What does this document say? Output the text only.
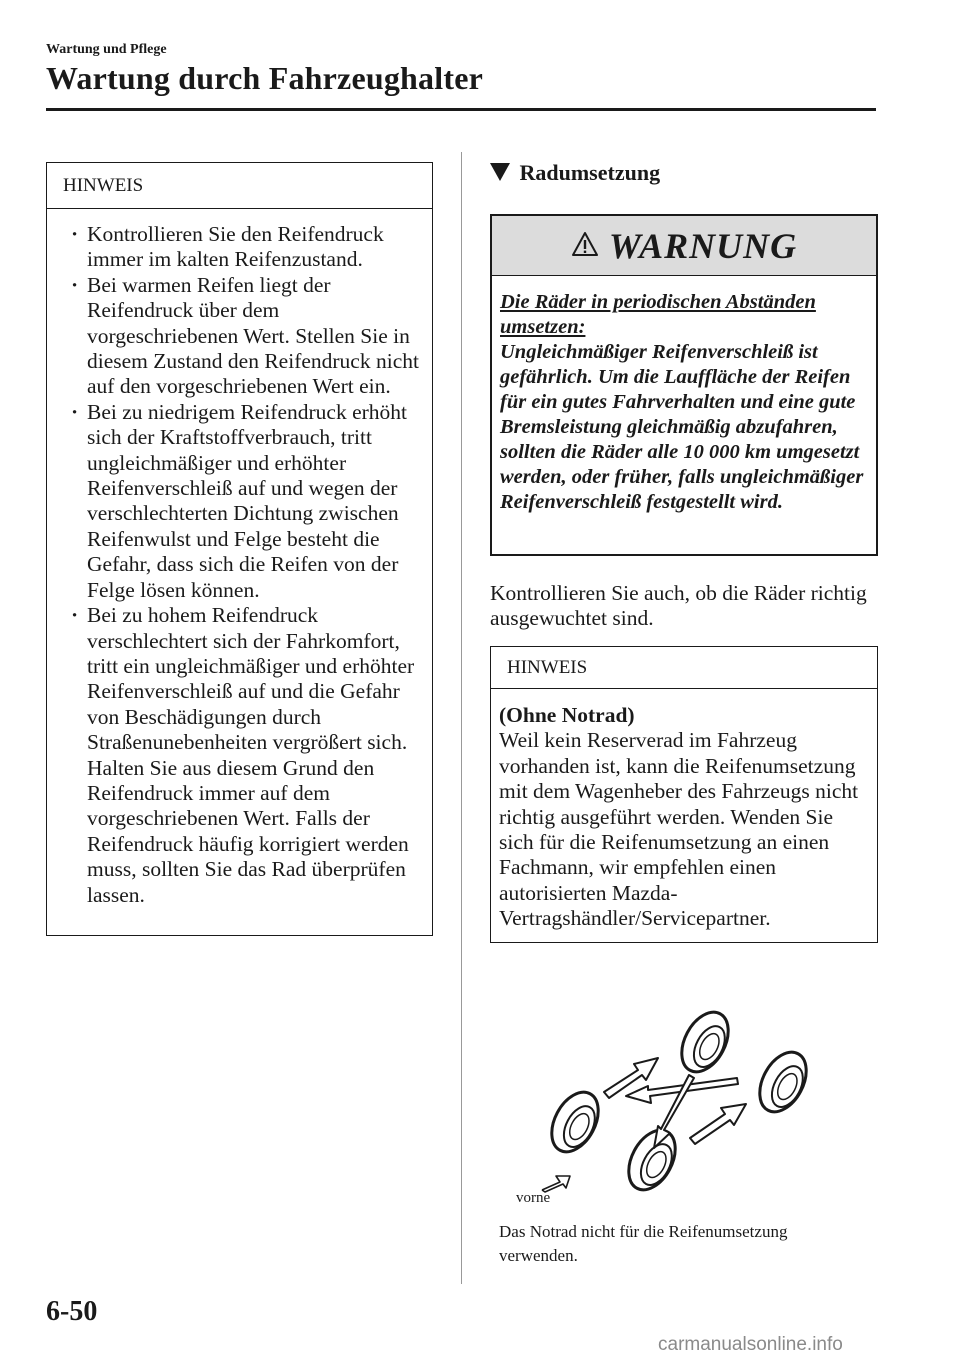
Wartung und Pflege
Wartung durch Fahrzeughalter
HINWEIS
· Kontrollieren Sie den Reifendruck immer im kalten Reifenzustand.
· Bei warmen Reifen liegt der Reifendruck über dem vorgeschriebenen Wert. Stellen Sie in diesem Zustand den Reifendruck nicht auf den vorgeschriebenen Wert ein.
· Bei zu niedrigem Reifendruck erhöht sich der Kraftstoffverbrauch, tritt ungleichmäßiger und erhöhter Reifenverschleiß auf und wegen der verschlechterten Dichtung zwischen Reifenwulst und Felge besteht die Gefahr, dass sich die Reifen von der Felge lösen können.
· Bei zu hohem Reifendruck verschlechtert sich der Fahrkomfort, tritt ein ungleichmäßiger und erhöhter Reifenverschleiß auf und die Gefahr von Beschädigungen durch Straßenunebenheiten vergrößert sich. Halten Sie aus diesem Grund den Reifendruck immer auf dem vorgeschriebenen Wert. Falls der Reifendruck häufig korrigiert werden muss, sollten Sie das Rad überprüfen lassen.
Radumsetzung
WARNUNG
Die Räder in periodischen Abständen umsetzen:
Ungleichmäßiger Reifenverschleiß ist gefährlich. Um die Lauffläche der Reifen für ein gutes Fahrverhalten und eine gute Bremsleistung gleichmäßig abzufahren, sollten die Räder alle 10 000 km umgesetzt werden, oder früher, falls ungleichmäßiger Reifenverschleiß festgestellt wird.
Kontrollieren Sie auch, ob die Räder richtig ausgewuchtet sind.
HINWEIS
(Ohne Notrad)
Weil kein Reserverad im Fahrzeug vorhanden ist, kann die Reifenumsetzung mit dem Wagenheber des Fahrzeugs nicht richtig ausgeführt werden. Wenden Sie sich für die Reifenumsetzung an einen Fachmann, wir empfehlen einen autorisierten Mazda-Vertragshändler/Servicepartner.
vorne
Das Notrad nicht für die Reifenumsetzung verwenden.
6-50
carmanualsonline.info
